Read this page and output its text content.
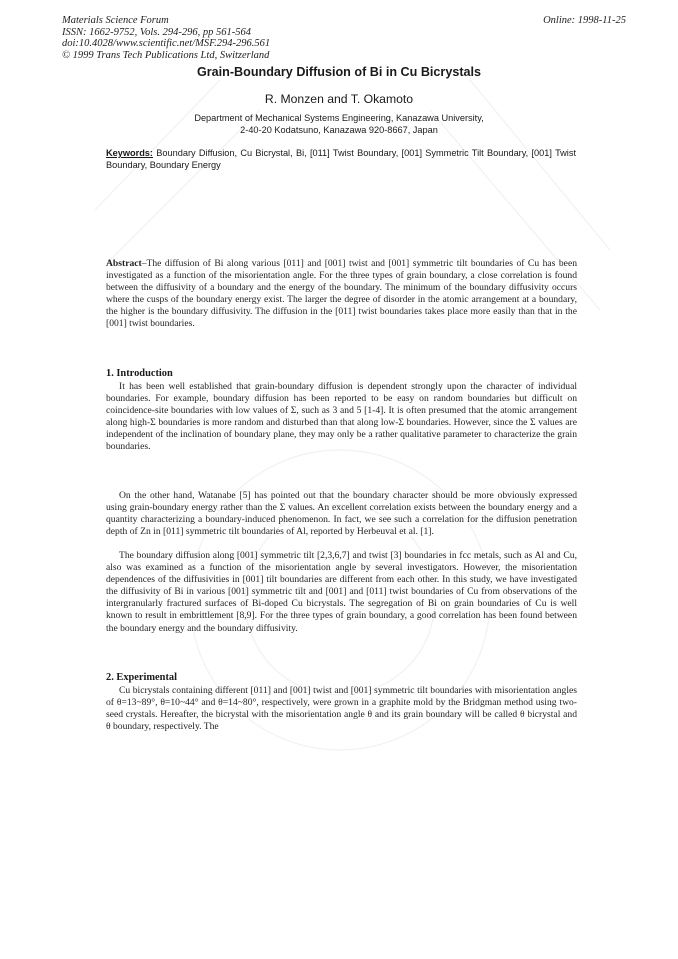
Materials Science Forum
ISSN: 1662-9752, Vols. 294-296, pp 561-564
doi:10.4028/www.scientific.net/MSF.294-296.561
© 1999 Trans Tech Publications Ltd, Switzerland
Online: 1998-11-25
Grain-Boundary Diffusion of Bi in Cu Bicrystals
R. Monzen and T. Okamoto
Department of Mechanical Systems Engineering, Kanazawa University,
2-40-20 Kodatsuno, Kanazawa 920-8667, Japan
Keywords: Boundary Diffusion, Cu Bicrystal, Bi, [011] Twist Boundary, [001] Symmetric Tilt Boundary, [001] Twist Boundary, Boundary Energy
Abstract–The diffusion of Bi along various [011] and [001] twist and [001] symmetric tilt boundaries of Cu has been investigated as a function of the misorientation angle. For the three types of grain boundary, a close correlation is found between the diffusivity of a boundary and the energy of the boundary. The minimum of the boundary diffusivity occurs where the cusps of the boundary energy exist. The larger the degree of disorder in the atomic arrangement at a boundary, the higher is the boundary diffusivity. The diffusion in the [011] twist boundaries takes place more easily than that in the [001] twist boundaries.
1. Introduction

It has been well established that grain-boundary diffusion is dependent strongly upon the character of individual boundaries. For example, boundary diffusion has been reported to be easy on random boundaries but difficult on coincidence-site boundaries with low values of Σ, such as 3 and 5 [1-4]. It is often presumed that the atomic arrangement along high-Σ boundaries is more random and disturbed than that along low-Σ boundaries. However, since the Σ values are independent of the inclination of boundary plane, they may only be a rather qualitative parameter to characterize the grain boundaries.

On the other hand, Watanabe [5] has pointed out that the boundary character should be more obviously expressed using grain-boundary energy rather than the Σ values. An excellent correlation exists between the boundary energy and a quantity characterizing a boundary-induced phenomenon. In fact, we see such a correlation for the diffusion penetration depth of Zn in [011] symmetric tilt boundaries of Al, reported by Herbeuval et al. [1].

The boundary diffusion along [001] symmetric tilt [2,3,6,7] and twist [3] boundaries in fcc metals, such as Al and Cu, also was examined as a function of the misorientation angle by several investigators. However, the misorientation dependences of the diffusivities in [001] tilt boundaries are different from each other. In this study, we have investigated the diffusivity of Bi in various [001] symmetric tilt and [001] and [011] twist boundaries of Cu from observations of the intergranularly fractured surfaces of Bi-doped Cu bicrystals. The segregation of Bi on grain boundaries of Cu is well known to result in embrittlement [8,9]. For the three types of grain boundary, a good correlation has been found between the boundary energy and the boundary diffusivity.

2. Experimental

Cu bicrystals containing different [011] and [001] twist and [001] symmetric tilt boundaries with misorientation angles of θ=13~89°, θ=10~44° and θ=14~80°, respectively, were grown in a graphite mold by the Bridgman method using two-seed crystals. Hereafter, the bicrystal with the misorientation angle θ and its grain boundary will be called θ bicrystal and θ boundary, respectively. The
